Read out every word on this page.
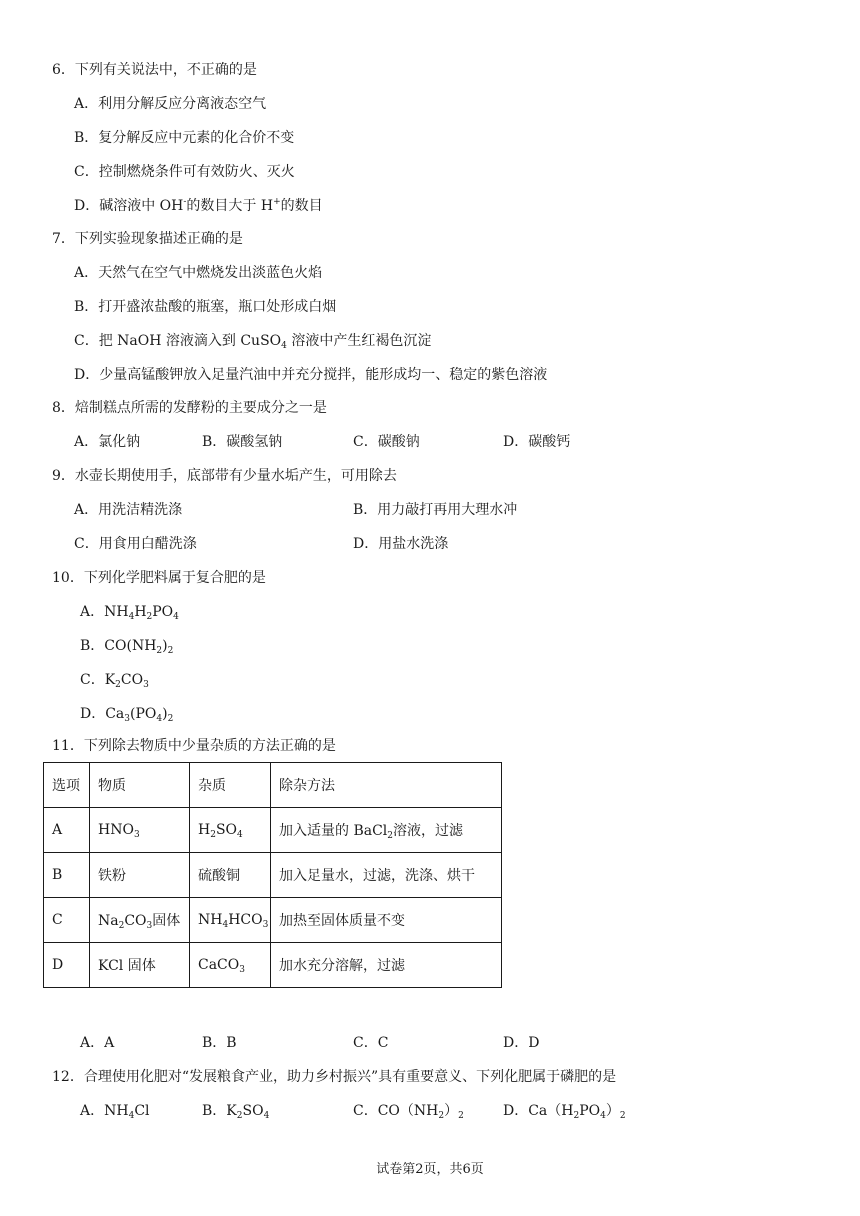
6．下列有关说法中，不正确的是
A．利用分解反应分离液态空气
B．复分解反应中元素的化合价不变
C．控制燃烧条件可有效防火、灭火
D．碱溶液中 OH-的数目大于 H+的数目
7．下列实验现象描述正确的是
A．天然气在空气中燃烧发出淡蓝色火焰
B．打开盛浓盐酸的瓶塞，瓶口处形成白烟
C．把 NaOH 溶液滴入到 CuSO$_4$ 溶液中产生红褐色沉淀
D．少量高锰酸钾放入足量汽油中并充分搅拌，能形成均一、稳定的紫色溶液
8．焙制糕点所需的发酵粉的主要成分之一是
A．氯化钠	B．碳酸氢钠	C．碳酸钠	D．碳酸钙
9．水壶长期使用手，底部带有少量水垢产生，可用除去
A．用洗洁精洗涤	B．用力敲打再用大理水冲
C．用食用白醋洗涤	D．用盐水洗涤
10．下列化学肥料属于复合肥的是
A．$NH_4H_2PO_4$
B．$CO(NH_2)_2$
C．$K_2CO_3$
D．$Ca_3(PO_4)_2$
11．下列除去物质中少量杂质的方法正确的是
选项	物质	杂质	除杂方法
A	$HNO_3$	$H_2SO_4$	加入适量的 BaCl$_2$溶液，过滤
B	铁粉	硫酸铜	加入足量水，过滤，洗涤、烘干
C	$Na_2CO_3$固体	$NH_4HCO_3$	加热至固体质量不变
D	KCl 固体	CaCO$_3$	加水充分溶解，过滤
A．A	B．B	C．C	D．D
12．合理使用化肥对“发展粮食产业，助力乡村振兴”具有重要意义、下列化肥属于磷肥的是
A．$NH_4Cl$	B．$K_2SO_4$	C．$CO(NH_2)_2$	D．$Ca(H_2PO_4)_2$
试卷第2页，共6页
